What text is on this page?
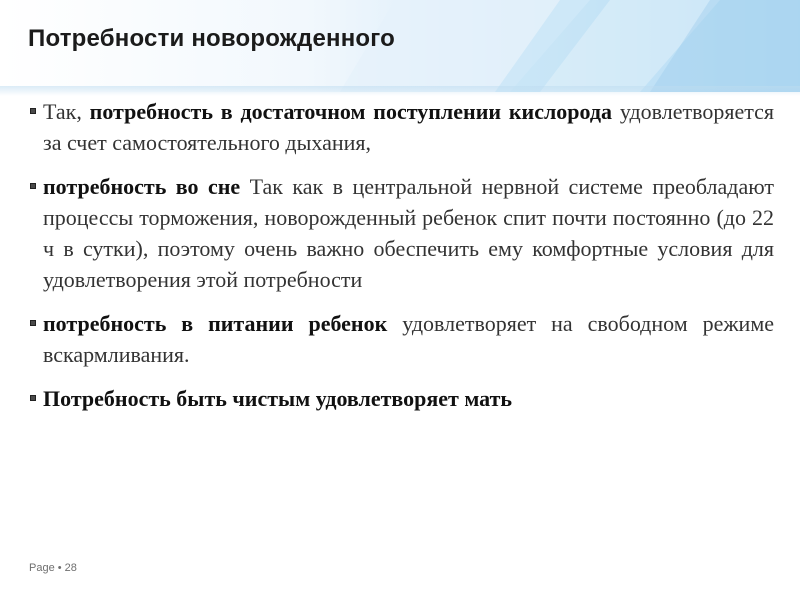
Потребности новорожденного

Так, потребность в достаточном поступлении кислорода удовлетворяется за счет самостоятельного дыхания,

потребность во сне Так как в центральной нервной системе преобладают процессы торможения, новорожденный ребенок спит почти постоянно (до 22 ч в сутки), поэтому очень важно обеспечить ему комфортные условия для удовлетворения этой потребности

потребность в питании ребенок удовлетворяет на свободном режиме вскармливания.

Потребность быть чистым удовлетворяет мать

Page • 28
